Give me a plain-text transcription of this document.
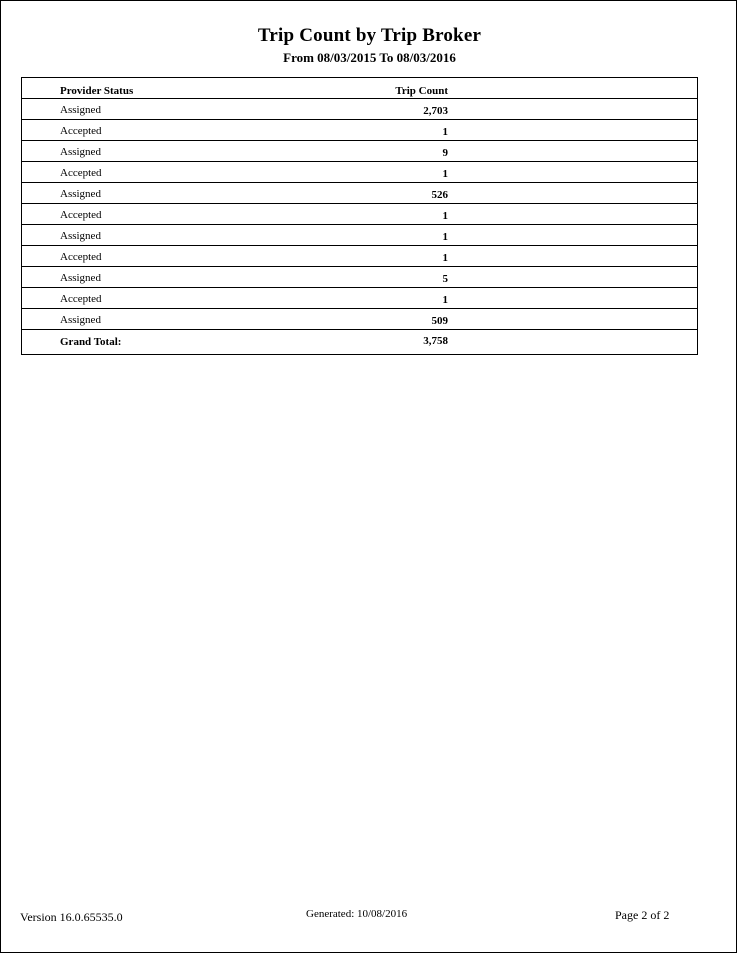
Trip Count by Trip Broker
From 08/03/2015 To 08/03/2016
Provider Status	Trip Count
Assigned	2,703
Accepted	1
Assigned	9
Accepted	1
Assigned	526
Accepted	1
Assigned	1
Accepted	1
Assigned	5
Accepted	1
Assigned	509
Grand Total:	3,758
Version 16.0.65535.0	Generated: 10/08/2016	Page 2 of 2
